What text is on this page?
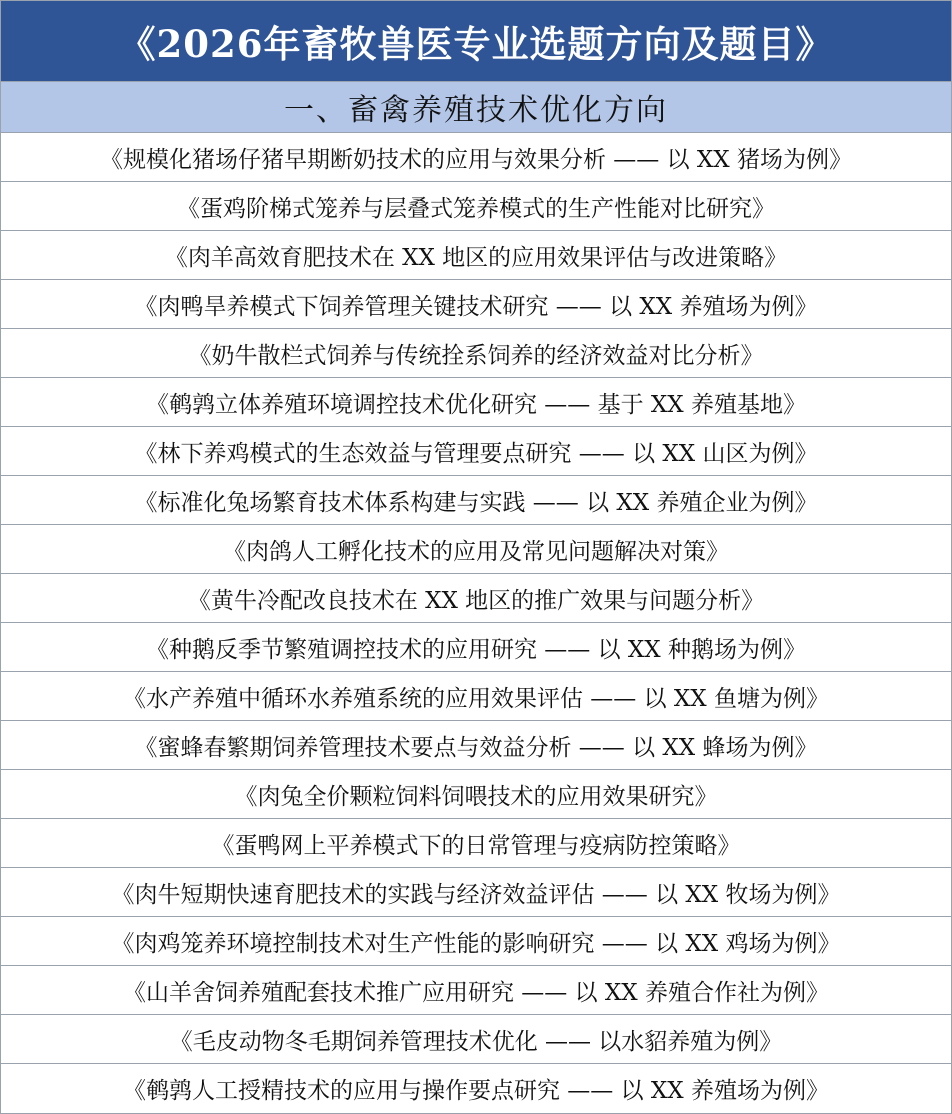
《2026年畜牧兽医专业选题方向及题目》
一、畜禽养殖技术优化方向
《规模化猪场仔猪早期断奶技术的应用与效果分析 —— 以 XX 猪场为例》
《蛋鸡阶梯式笼养与层叠式笼养模式的生产性能对比研究》
《肉羊高效育肥技术在 XX 地区的应用效果评估与改进策略》
《肉鸭旱养模式下饲养管理关键技术研究 —— 以 XX 养殖场为例》
《奶牛散栏式饲养与传统拴系饲养的经济效益对比分析》
《鹌鹑立体养殖环境调控技术优化研究 —— 基于 XX 养殖基地》
《林下养鸡模式的生态效益与管理要点研究 —— 以 XX 山区为例》
《标准化兔场繁育技术体系构建与实践 —— 以 XX 养殖企业为例》
《肉鸽人工孵化技术的应用及常见问题解决对策》
《黄牛冷配改良技术在 XX 地区的推广效果与问题分析》
《种鹅反季节繁殖调控技术的应用研究 —— 以 XX 种鹅场为例》
《水产养殖中循环水养殖系统的应用效果评估 —— 以 XX 鱼塘为例》
《蜜蜂春繁期饲养管理技术要点与效益分析 —— 以 XX 蜂场为例》
《肉兔全价颗粒饲料饲喂技术的应用效果研究》
《蛋鸭网上平养模式下的日常管理与疫病防控策略》
《肉牛短期快速育肥技术的实践与经济效益评估 —— 以 XX 牧场为例》
《肉鸡笼养环境控制技术对生产性能的影响研究 —— 以 XX 鸡场为例》
《山羊舍饲养殖配套技术推广应用研究 —— 以 XX 养殖合作社为例》
《毛皮动物冬毛期饲养管理技术优化 —— 以水貂养殖为例》
《鹌鹑人工授精技术的应用与操作要点研究 —— 以 XX 养殖场为例》
